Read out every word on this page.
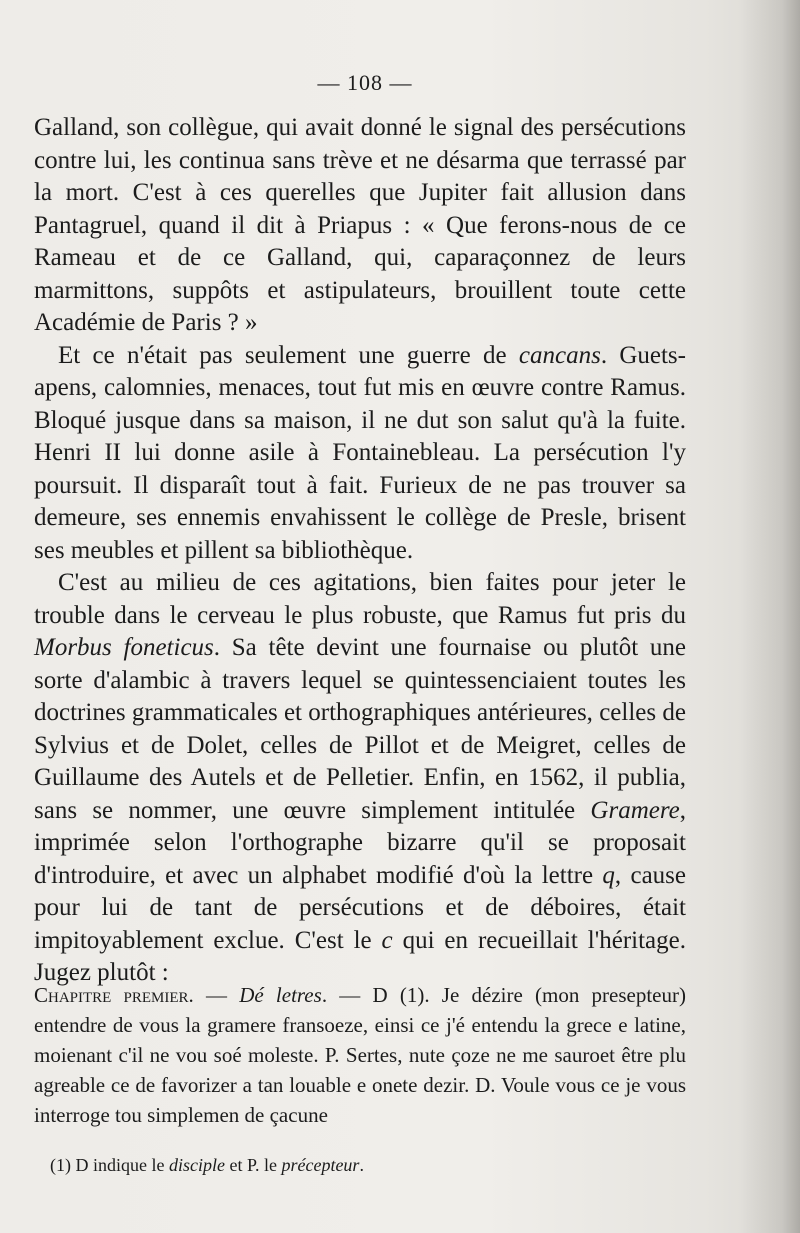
— 108 —

Galland, son collègue, qui avait donné le signal des persécutions contre lui, les continua sans trève et ne désarma que terrassé par la mort. C'est à ces querelles que Jupiter fait allusion dans Pantagruel, quand il dit à Priapus : « Que ferons-nous de ce Rameau et de ce Galland, qui, caparaçonnez de leurs marmittons, suppôts et astipulateurs, brouillent toute cette Académie de Paris ? »

Et ce n'était pas seulement une guerre de cancans. Guets-apens, calomnies, menaces, tout fut mis en œuvre contre Ramus. Bloqué jusque dans sa maison, il ne dut son salut qu'à la fuite. Henri II lui donne asile à Fontainebleau. La persécution l'y poursuit. Il disparaît tout à fait. Furieux de ne pas trouver sa demeure, ses ennemis envahissent le collège de Presle, brisent ses meubles et pillent sa bibliothèque.

C'est au milieu de ces agitations, bien faites pour jeter le trouble dans le cerveau le plus robuste, que Ramus fut pris du Morbus foneticus. Sa tête devint une fournaise ou plutôt une sorte d'alambic à travers lequel se quintessenciaient toutes les doctrines grammaticales et orthographiques antérieures, celles de Sylvius et de Dolet, celles de Pillot et de Meigret, celles de Guillaume des Autels et de Pelletier. Enfin, en 1562, il publia, sans se nommer, une œuvre simplement intitulée Gramere, imprimée selon l'orthographe bizarre qu'il se proposait d'introduire, et avec un alphabet modifié d'où la lettre q, cause pour lui de tant de persécutions et de déboires, était impitoyablement exclue. C'est le c qui en recueillait l'héritage. Jugez plutôt :

Chapitre premier. — Dé letres. — D (1). Je dézire (mon presepteur) entendre de vous la gramere fransoeze, einsi ce j'é entendu la grece e latine, moienant c'il ne vou soé moleste. P. Sertes, nute çoze ne me sauroet être plu agreable ce de favorizer a tan louable e onete dezir. D. Voule vous ce je vous interroge tou simplemen de çacune
(1) D indique le disciple et P. le précepteur.
